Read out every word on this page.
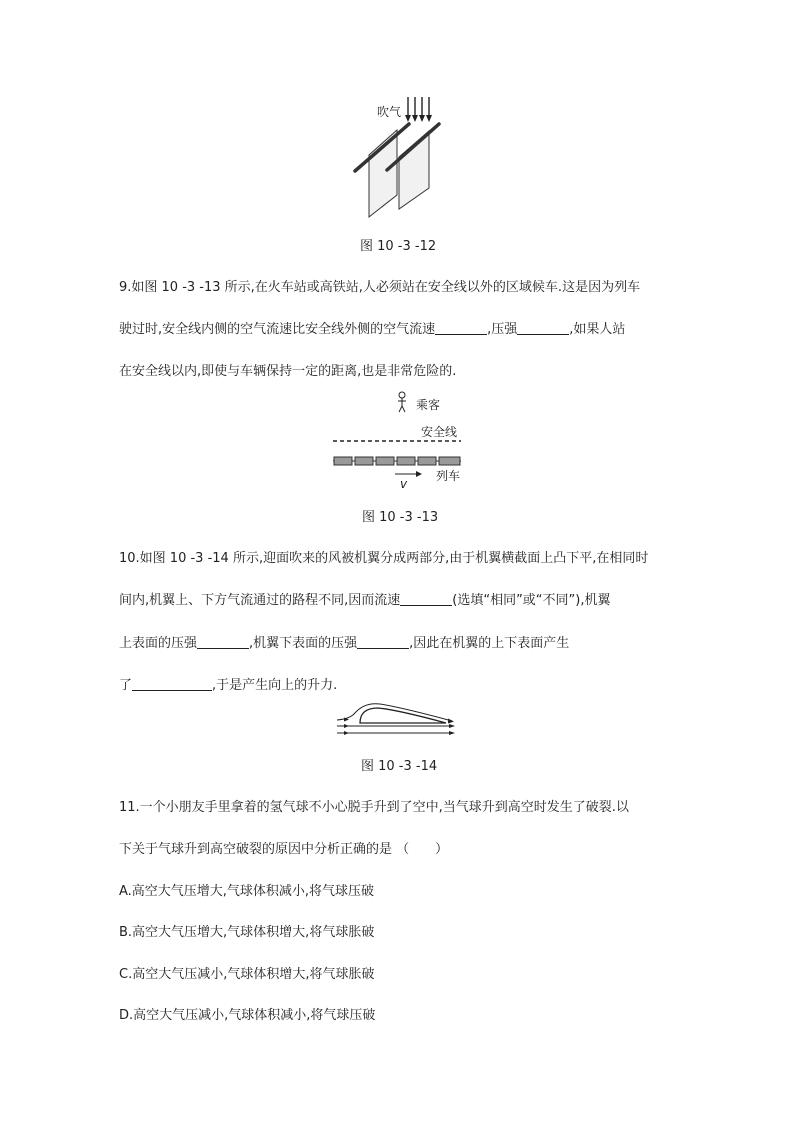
吹气
图 10 -3 -12
9.如图 10 -3 -13 所示,在火车站或高铁站,人必须站在安全线以外的区域候车.这是因为列车
驶过时,安全线内侧的空气流速比安全线外侧的空气流速	,压强	,如果人站
在安全线以内,即使与车辆保持一定的距离,也是非常危险的.
乘客
安全线
v
列车
图 10 -3 -13
10.如图 10 -3 -14 所示,迎面吹来的风被机翼分成两部分,由于机翼横截面上凸下平,在相同时
间内,机翼上、下方气流通过的路程不同,因而流速	(选填“相同”或“不同”),机翼
上表面的压强	,机翼下表面的压强	,因此在机翼的上下表面产生
了	,于是产生向上的升力.
图 10 -3 -14
11.一个小朋友手里拿着的氢气球不小心脱手升到了空中,当气球升到高空时发生了破裂.以
下关于气球升到高空破裂的原因中分析正确的是 （　　）
A.高空大气压增大,气球体积减小,将气球压破
B.高空大气压增大,气球体积增大,将气球胀破
C.高空大气压减小,气球体积增大,将气球胀破
D.高空大气压减小,气球体积减小,将气球压破
